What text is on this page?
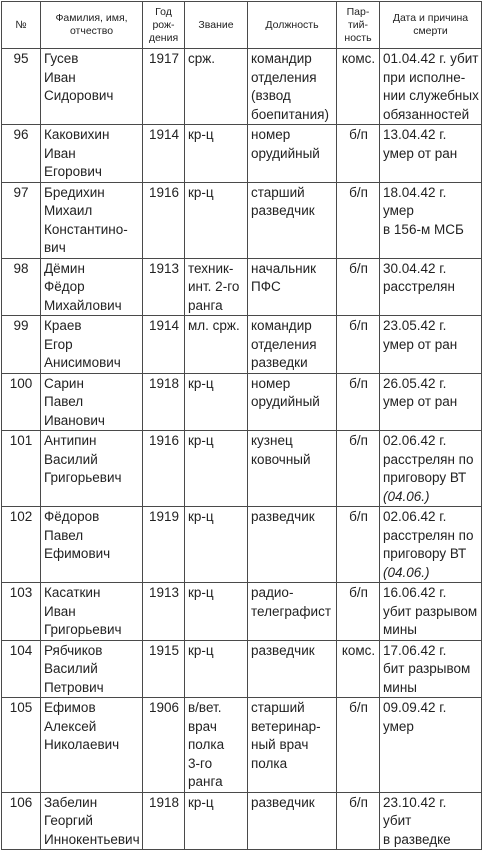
№	Фамилия, имя,
отчество	Год
рож-
дения	Звание	Должность	Пар-
тий-
ность	Дата и причина
смерти

95	Гусев
Иван
Сидорович	1917	срж.	командир
отделения
(взвод
боепитания)	комс.	01.04.42 г. убит
при исполне-
нии служебных
обязанностей

96	Каковихин
Иван
Егорович	1914	кр-ц	номер
орудийный	б/п	13.04.42 г.
умер от ран

97	Бредихин
Михаил
Константино-
вич	1916	кр-ц	старший
разведчик	б/п	18.04.42 г.
умер
в 156-м МСБ

98	Дёмин
Фёдор
Михайлович	1913	техник-
инт. 2-го
ранга	начальник
ПФС	б/п	30.04.42 г.
расстрелян

99	Краев
Егор
Анисимович	1914	мл. срж.	командир
отделения
разведки	б/п	23.05.42 г.
умер от ран

100	Сарин
Павел
Иванович	1918	кр-ц	номер
орудийный	б/п	26.05.42 г.
умер от ран

101	Антипин
Василий
Григорьевич	1916	кр-ц	кузнец
ковочный	б/п	02.06.42 г.
расстрелян по
приговору ВТ
(04.06.)

102	Фёдоров
Павел
Ефимович	1919	кр-ц	разведчик	б/п	02.06.42 г.
расстрелян по
приговору ВТ
(04.06.)

103	Касаткин
Иван
Григорьевич	1913	кр-ц	радио-
телеграфист	б/п	16.06.42 г.
убит разрывом
мины

104	Рябчиков
Василий
Петрович	1915	кр-ц	разведчик	комс.	17.06.42 г.
бит разрывом
мины

105	Ефимов
Алексей
Николаевич	1906	в/вет.
врач
полка
3-го
ранга	старший
ветеринар-
ный врач
полка	б/п	09.09.42 г.
умер

106	Забелин
Георгий
Иннокентьевич	1918	кр-ц	разведчик	б/п	23.10.42 г.
убит
в разведке
